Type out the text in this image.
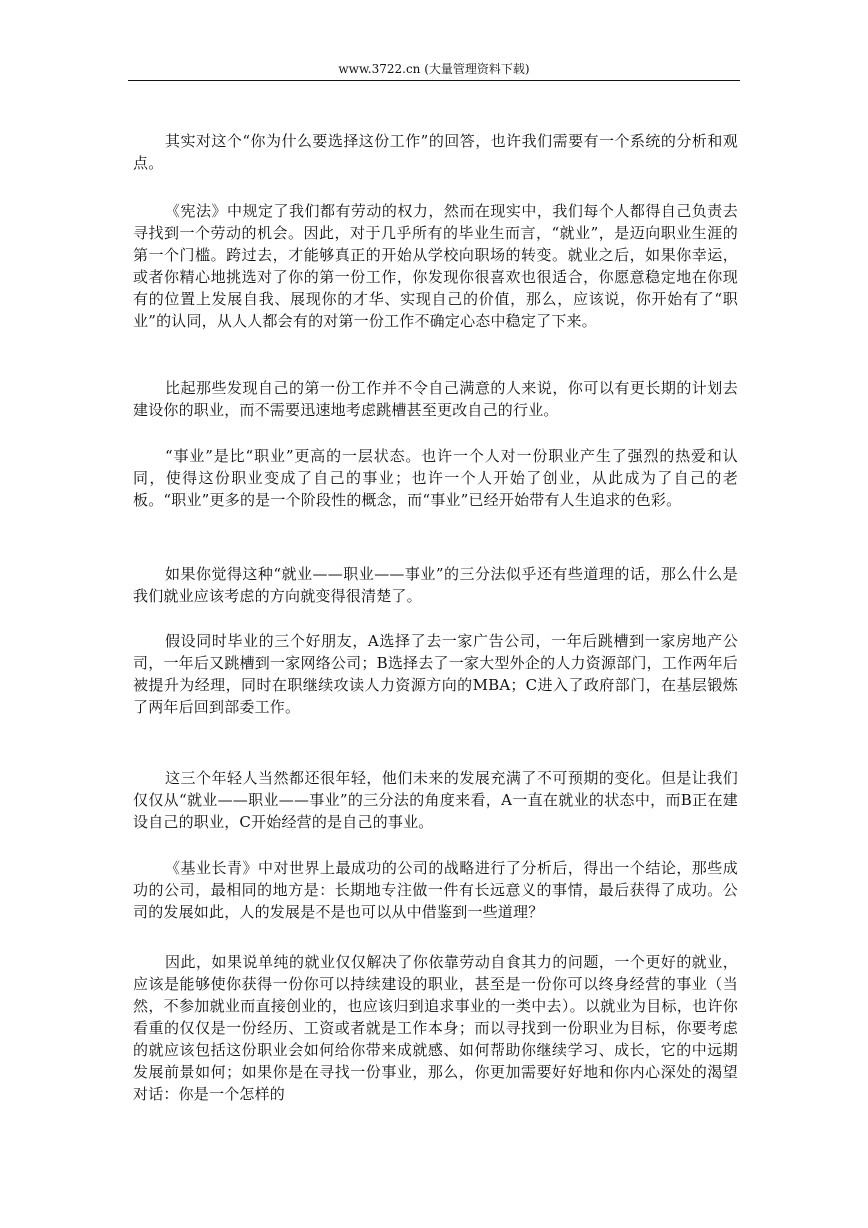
www.3722.cn (大量管理资料下载)

其实对这个“你为什么要选择这份工作”的回答，也许我们需要有一个系统的分析和观点。

《宪法》中规定了我们都有劳动的权力，然而在现实中，我们每个人都得自己负责去寻找到一个劳动的机会。因此，对于几乎所有的毕业生而言，“就业”，是迈向职业生涯的第一个门槛。跨过去，才能够真正的开始从学校向职场的转变。就业之后，如果你幸运，或者你精心地挑选对了你的第一份工作，你发现你很喜欢也很适合，你愿意稳定地在你现有的位置上发展自我、展现你的才华、实现自己的价值，那么，应该说，你开始有了“职业”的认同，从人人都会有的对第一份工作不确定心态中稳定了下来。

比起那些发现自己的第一份工作并不令自己满意的人来说，你可以有更长期的计划去建设你的职业，而不需要迅速地考虑跳槽甚至更改自己的行业。

“事业”是比“职业”更高的一层状态。也许一个人对一份职业产生了强烈的热爱和认同，使得这份职业变成了自己的事业；也许一个人开始了创业，从此成为了自己的老板。“职业”更多的是一个阶段性的概念，而“事业”已经开始带有人生追求的色彩。

如果你觉得这种“就业——职业——事业”的三分法似乎还有些道理的话，那么什么是我们就业应该考虑的方向就变得很清楚了。

假设同时毕业的三个好朋友，A选择了去一家广告公司，一年后跳槽到一家房地产公司，一年后又跳槽到一家网络公司；B选择去了一家大型外企的人力资源部门，工作两年后被提升为经理，同时在职继续攻读人力资源方向的MBA；C进入了政府部门，在基层锻炼了两年后回到部委工作。

这三个年轻人当然都还很年轻，他们未来的发展充满了不可预期的变化。但是让我们仅仅从“就业——职业——事业”的三分法的角度来看，A一直在就业的状态中，而B正在建设自己的职业，C开始经营的是自己的事业。

《基业长青》中对世界上最成功的公司的战略进行了分析后，得出一个结论，那些成功的公司，最相同的地方是：长期地专注做一件有长远意义的事情，最后获得了成功。公司的发展如此，人的发展是不是也可以从中借鉴到一些道理？

因此，如果说单纯的就业仅仅解决了你依靠劳动自食其力的问题，一个更好的就业，应该是能够使你获得一份你可以持续建设的职业，甚至是一份你可以终身经营的事业（当然，不参加就业而直接创业的，也应该归到追求事业的一类中去）。以就业为目标，也许你看重的仅仅是一份经历、工资或者就是工作本身；而以寻找到一份职业为目标，你要考虑的就应该包括这份职业会如何给你带来成就感、如何帮助你继续学习、成长，它的中远期发展前景如何；如果你是在寻找一份事业，那么，你更加需要好好地和你内心深处的渴望对话：你是一个怎样的
